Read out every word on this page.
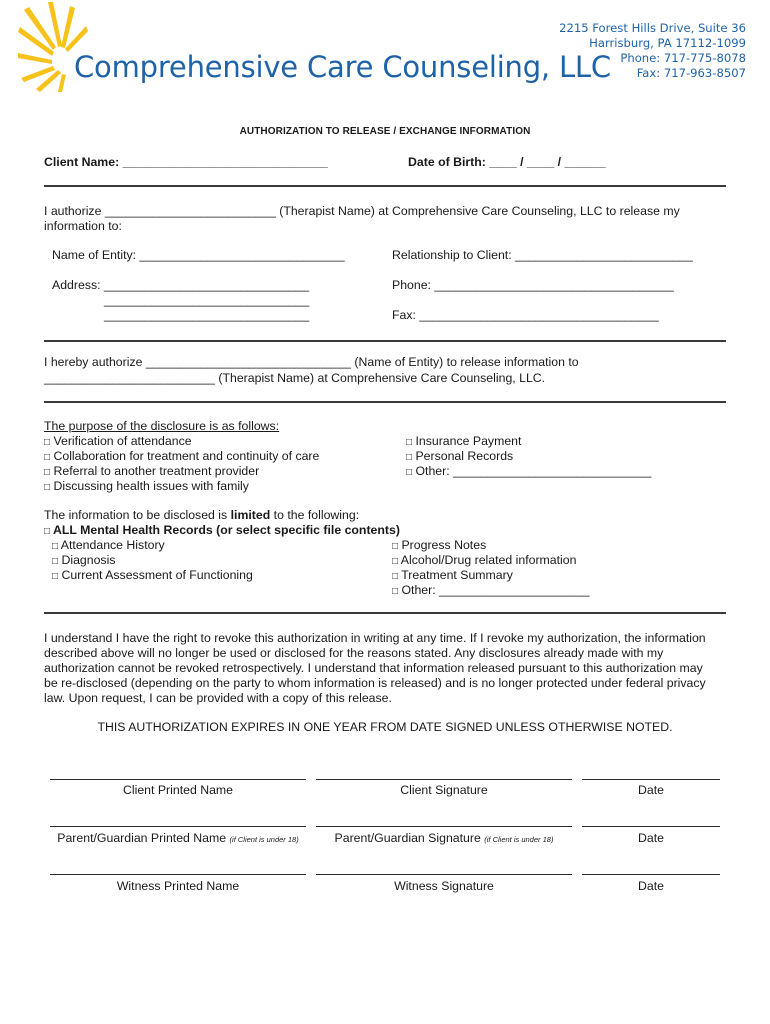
Comprehensive Care Counseling, LLC
2215 Forest Hills Drive, Suite 36
Harrisburg, PA 17112-1099
Phone: 717-775-8078
Fax: 717-963-8507
AUTHORIZATION TO RELEASE / EXCHANGE INFORMATION
Client Name: ______________________________	Date of Birth: ____ / ____ / ______
I authorize _________________________ (Therapist Name) at Comprehensive Care Counseling, LLC to release my
information to:
Name of Entity: ______________________________	Relationship to Client: __________________________
Address: ______________________________
______________________________
______________________________
Phone: ___________________________________
Fax: ___________________________________
I hereby authorize ______________________________ (Name of Entity) to release information to
_________________________ (Therapist Name) at Comprehensive Care Counseling, LLC.
The purpose of the disclosure is as follows:
□ Verification of attendance
□ Collaboration for treatment and continuity of care
□ Referral to another treatment provider
□ Discussing health issues with family
□ Insurance Payment
□ Personal Records
□ Other: _____________________________
The information to be disclosed is limited to the following:
□ ALL Mental Health Records (or select specific file contents)
□ Attendance History
□ Diagnosis
□ Current Assessment of Functioning
□ Progress Notes
□ Alcohol/Drug related information
□ Treatment Summary
□ Other: ______________________
I understand I have the right to revoke this authorization in writing at any time. If I revoke my authorization, the information
described above will no longer be used or disclosed for the reasons stated. Any disclosures already made with my
authorization cannot be revoked retrospectively. I understand that information released pursuant to this authorization may
be re-disclosed (depending on the party to whom information is released) and is no longer protected under federal privacy
law. Upon request, I can be provided with a copy of this release.
THIS AUTHORIZATION EXPIRES IN ONE YEAR FROM DATE SIGNED UNLESS OTHERWISE NOTED.
Client Printed Name	Client Signature	Date
Parent/Guardian Printed Name (if Client is under 18)	Parent/Guardian Signature (if Client is under 18)	Date
Witness Printed Name	Witness Signature	Date
